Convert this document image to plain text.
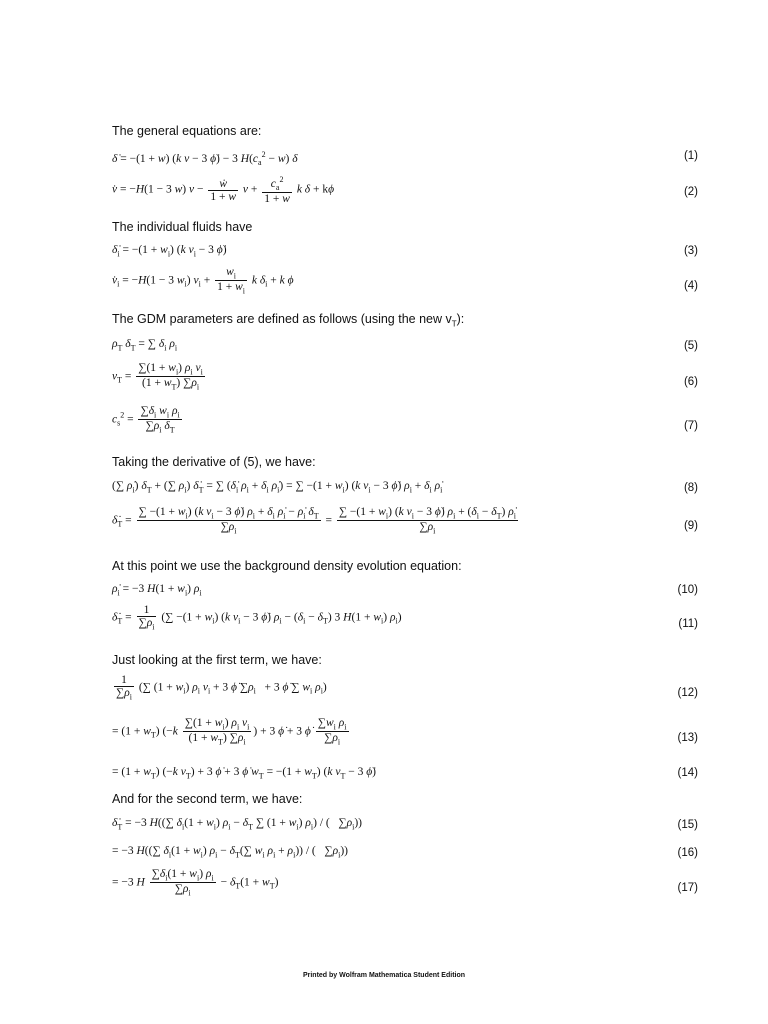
The general equations are:
The individual fluids have
The GDM parameters are defined as follows (using the new $v_T$):
Taking the derivative of (5), we have:
At this point we use the background density evolution equation:
Just looking at the first term, we have:
And for the second term, we have:
δ̇ = −(1 + w) (k v − 3 ϕ̇) − 3 $H(c_a^2 - w)$ δ
v̇ = −H(1 − 3 w) $v - \frac{\text{ẇ}}{1 + w}$ $v + \frac{c_a^2}{1 + w}$ k δ + kϕ
$\deltȧ_i = -(1 + w_i)$ (k $v_i - 3$ ϕ̇)
$v̇_i = -H(1 - 3$ $w_i$) $v_i + \frac{w_i}{1 + w_i}$ k $\delta_i + k$ ϕ
$\rho_T$ $\delta_T$ = ∑ $\delta_i$ $\rho_i$
$v_T = \frac{\sum(1 + w_i) \rho_i v_i}{(1 + w_T) \sum\rho_i}$
$c_s^2 = \frac{\sum\delta_i w_i \rho_i}{\sum\rho_i \delta_T}$
(∑ $\rhȯ_i$) $\delta_T$ + (∑ $\rho_i$) $\deltȧ_T$ = ∑ ($\deltȧ_i$ $\rho_i + \delta_i$ $\rhȯ_i$) = ∑ $-(1 + w_i)$ (k $v_i - 3$ ϕ̇) $\rho_i + \delta_i$ $\rhȯ_i$
$\deltȧ_T = \frac{\sum -(1 + w_i) (k v_i - 3 \phi̇) \rho_i + \delta_i \rhȯ_i - \rhȯ_i \delta_T}{\sum\rho_i} = \frac{\sum -(1 + w_i) (k v_i - 3 \phi̇) \rho_i + (\delta_i - \delta_T) \rhȯ_i}{\sum\rho_i}$
$\rhȯ_i = -3$ $H(1 + w_i)$ $\rho_i$
$\deltȧ_T = \frac{1}{\sum\rho_i}$ (∑ $-(1 + w_i)$ (k $v_i - 3$ ϕ̇) $\rho_i - (\delta_i - \delta_T)$ 3 $H(1 + w_i)$ $\rho_i$)
$\frac{1}{\sum\rho_i}$ (∑ $(1 + w_i)$ $\rho_i$ $v_i + 3$ ϕ̇ $\sum\rho_i + 3$ ϕ̇ ∑ $w_i$ $\rho_i$)
= $(1 + w_T)$ ($-k \frac{\sum(1 + w_i) \rho_i v_i}{(1 + w_T) \sum\rho_i}$ ) + 3 ϕ̇ + 3 ϕ̇ $\frac{\sum w_i \rho_i}{\sum\rho_i}$
= $(1 + w_T)$ (−k $v_T) + 3$ ϕ̇ + 3 ϕ̇ $w_T = -(1 + w_T)$ (k $v_T - 3$ ϕ̇)
$\deltȧ_T = -3$ H((∑ $\delta_i(1 + w_i) \rho_i - \delta_T$ ∑ $(1 + w_i)$ $\rho_i$) / (   $\sum\rho_i$))
= −3 H((∑ $\delta_i(1 + w_i) \rho_i - \delta_T(\sum$ $w_i$ $\rho_i + \rho_i$)) / (   $\sum\rho_i$))
= −3 H $\frac{\sum\delta_i(1 + w_i) \rho_i}{\sum\rho_i} - \delta_T(1 + w_T)$
(1)
(2)
(3)
(4)
(5)
(6)
(7)
(8)
(9)
(10)
(11)
(12)
(13)
(14)
(15)
(16)
(17)
Printed by Wolfram Mathematica Student Edition
